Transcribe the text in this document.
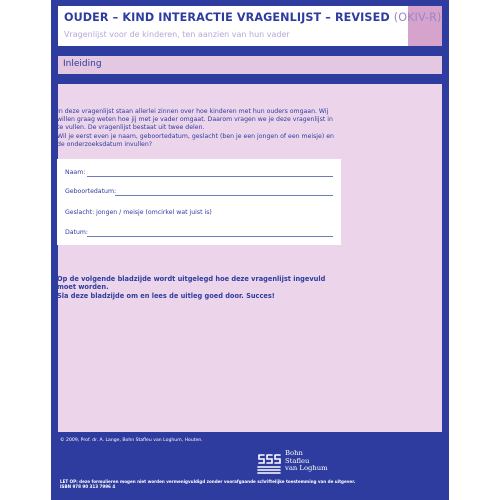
OUDER – KIND INTERACTIE VRAGENLIJST – REVISED (OKIV-R)
Vragenlijst voor de kinderen, ten aanzien van hun vader
Inleiding
In deze vragenlijst staan allerlei zinnen over hoe kinderen met hun ouders omgaan. Wij willen graag weten hoe jij met je vader omgaat. Daarom vragen we je deze vragenlijst in te vullen. De vragenlijst bestaat uit twee delen.
Wil je eerst even je naam, geboortedatum, geslacht (ben je een jongen of een meisje) en de onderzoeksdatum invullen?
Naam:
Geboortedatum:
Geslacht: jongen / meisje (omcirkel wat juist is)
Datum:
Op de volgende bladzijde wordt uitgelegd hoe deze vragenlijst ingevuld moet worden.
Sla deze bladzijde om en lees de uitleg goed door. Succes!
© 2009, Prof. dr. A. Lange, Bohn Stafleu van Loghum, Houten.
Bohn
Stafleu
van Loghum
LET OP: deze formulieren mogen niet worden vermenigvuldigd zonder voorafgaande schriftelijke toestemming van de uitgever.
ISBN 978 90 313 7996 4
